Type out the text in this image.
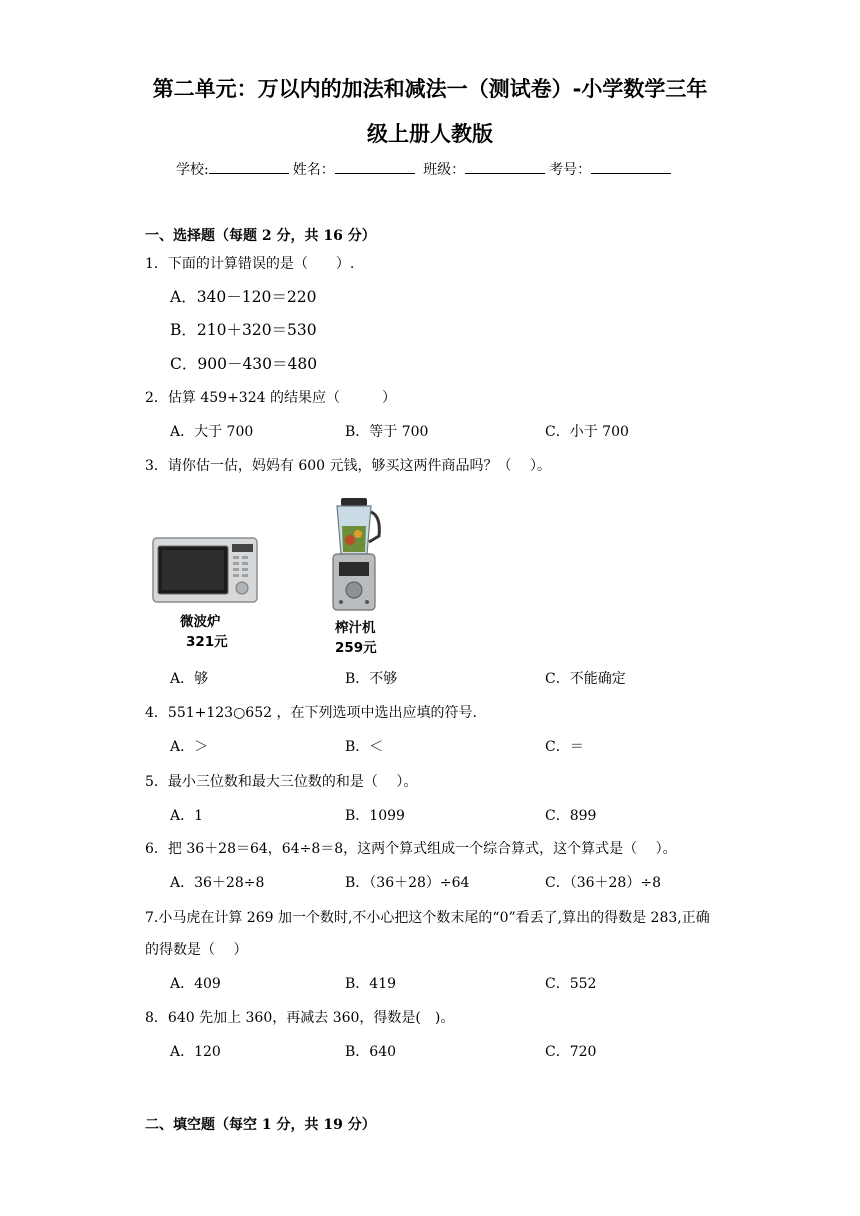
第二单元：万以内的加法和减法一（测试卷）-小学数学三年
级上册人教版
学校:	姓名：	班级：	考号：
一、选择题（每题 2 分，共 16 分）
1．下面的计算错误的是（　　）.
A．340－120＝220
B．210＋320＝530
C．900－430＝480
2．估算 459+324 的结果应（　　　）
A．大于 700	B．等于 700	C．小于 700
3．请你估一估，妈妈有 600 元钱，够买这两件商品吗？（　 ）。
微波炉
321元
榨汁机
259元
A．够	B．不够	C．不能确定
4．551+123○652 ，在下列选项中选出应填的符号.
A．＞	B．＜	C．＝
5．最小三位数和最大三位数的和是（　 ）。
A．1	B．1099	C．899
6．把 36＋28＝64，64÷8＝8，这两个算式组成一个综合算式，这个算式是（　 ）。
A．36＋28÷8	B．（36＋28）÷64	C．（36＋28）÷8
7.小马虎在计算 269 加一个数时,不小心把这个数末尾的“0”看丢了,算出的得数是 283,正确的得数是（　 ）
A．409	B．419	C．552
8．640 先加上 360，再减去 360，得数是(　)。
A．120	B．640	C．720
二、填空题（每空 1 分，共 19 分）
